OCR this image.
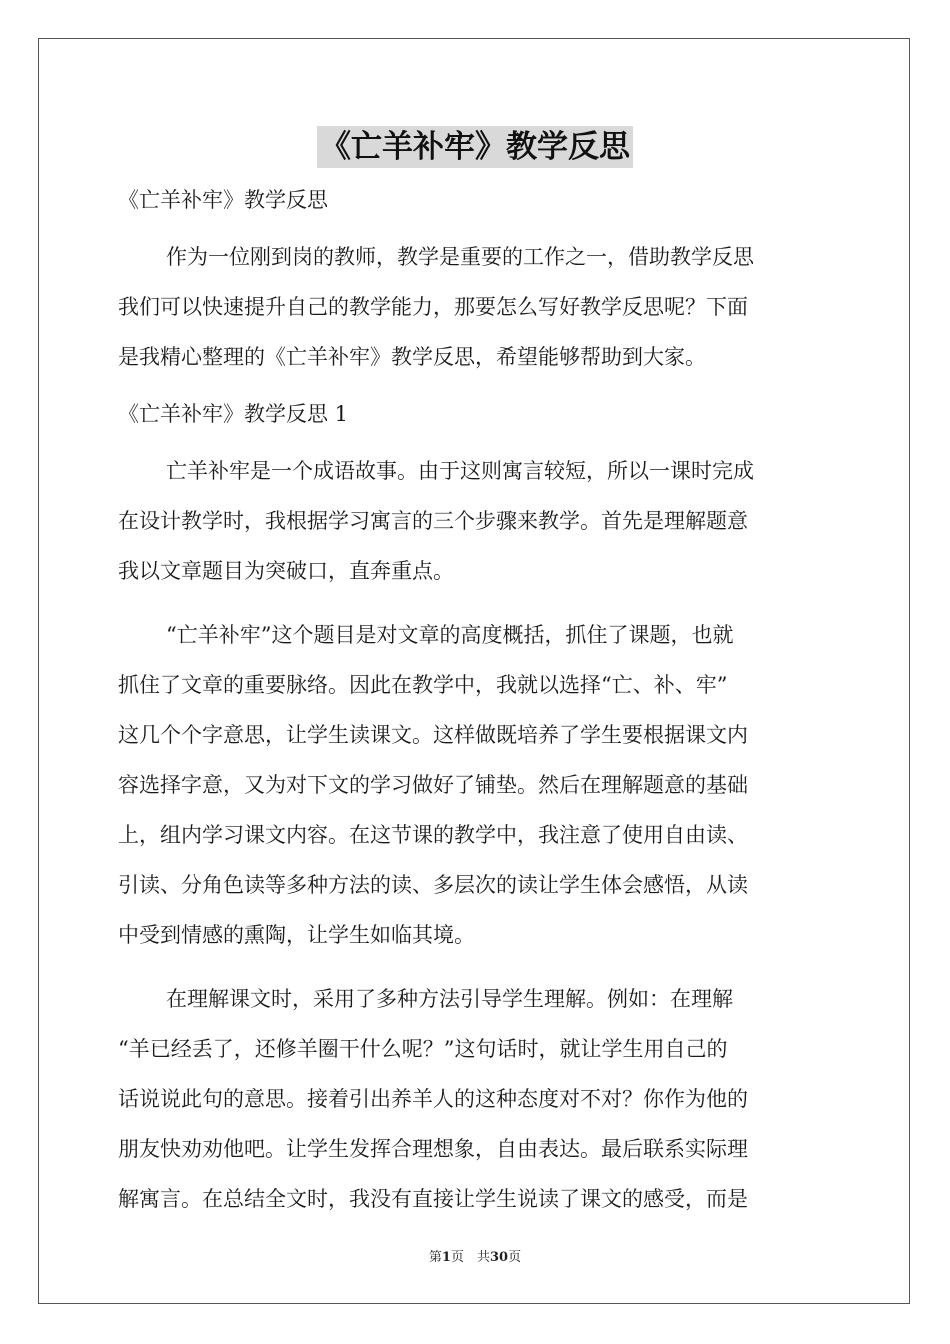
《亡羊补牢》教学反思
《亡羊补牢》教学反思
作为一位刚到岗的教师，教学是重要的工作之一，借助教学反思
我们可以快速提升自己的教学能力，那要怎么写好教学反思呢？下面
是我精心整理的《亡羊补牢》教学反思，希望能够帮助到大家。
《亡羊补牢》教学反思 1
亡羊补牢是一个成语故事。由于这则寓言较短，所以一课时完成
在设计教学时，我根据学习寓言的三个步骤来教学。首先是理解题意
我以文章题目为突破口，直奔重点。
“亡羊补牢”这个题目是对文章的高度概括，抓住了课题，也就
抓住了文章的重要脉络。因此在教学中，我就以选择“亡、补、牢”
这几个个字意思，让学生读课文。这样做既培养了学生要根据课文内
容选择字意，又为对下文的学习做好了铺垫。然后在理解题意的基础
上，组内学习课文内容。在这节课的教学中，我注意了使用自由读、
引读、分角色读等多种方法的读、多层次的读让学生体会感悟，从读
中受到情感的熏陶，让学生如临其境。
在理解课文时，采用了多种方法引导学生理解。例如：在理解
“羊已经丢了，还修羊圈干什么呢？”这句话时，就让学生用自己的
话说说此句的意思。接着引出养羊人的这种态度对不对？你作为他的
朋友快劝劝他吧。让学生发挥合理想象，自由表达。最后联系实际理
解寓言。在总结全文时，我没有直接让学生说读了课文的感受，而是
第1页　共30页
